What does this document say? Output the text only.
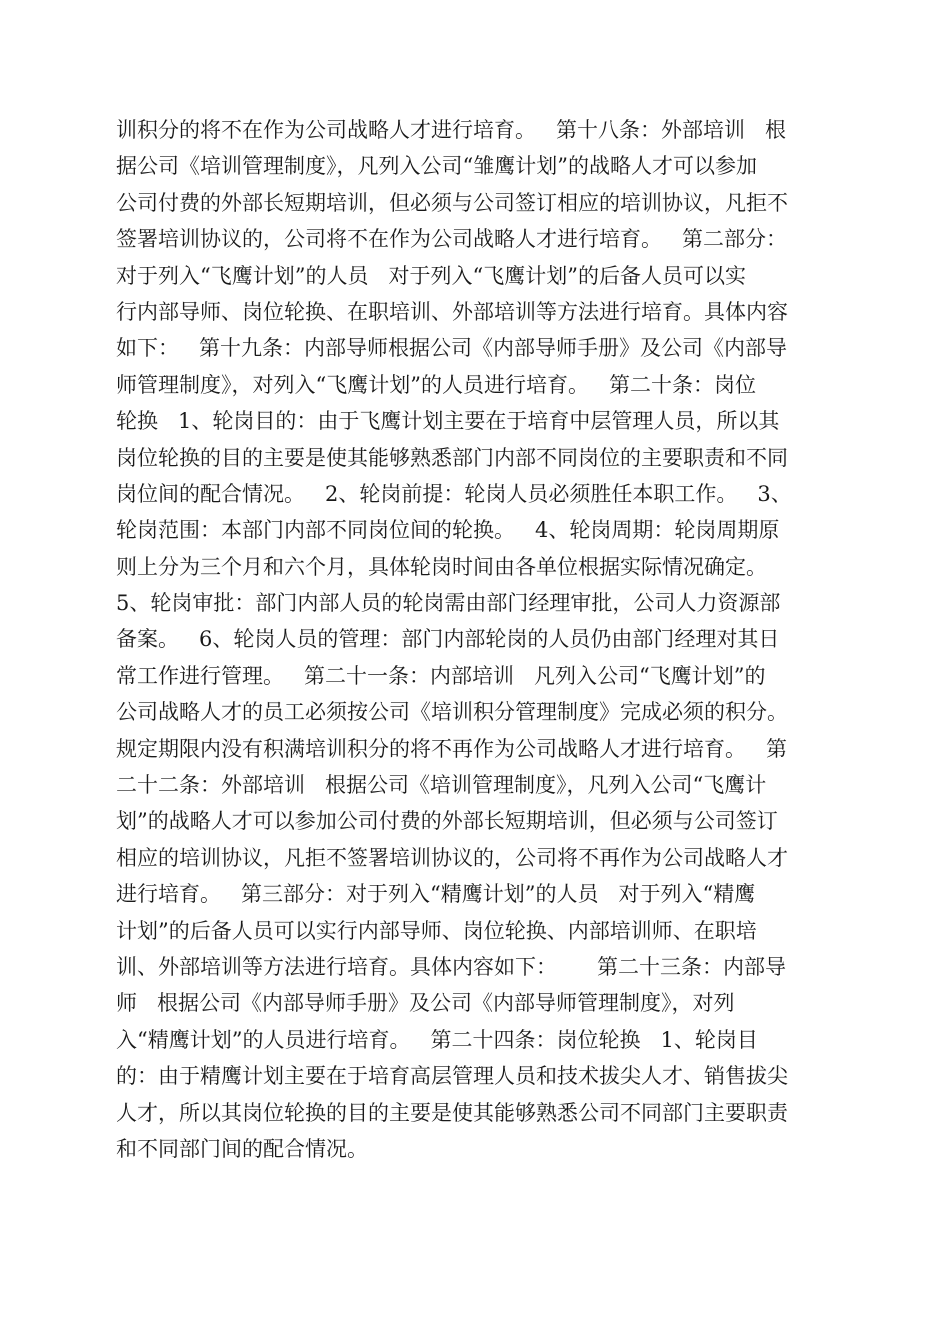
训积分的将不在作为公司战略人才进行培育。   第十八条：外部培训   根
据公司《培训管理制度》，凡列入公司“雏鹰计划”的战略人才可以参加
公司付费的外部长短期培训，但必须与公司签订相应的培训协议，凡拒不
签署培训协议的，公司将不在作为公司战略人才进行培育。   第二部分：
对于列入“飞鹰计划”的人员   对于列入“飞鹰计划”的后备人员可以实
行内部导师、岗位轮换、在职培训、外部培训等方法进行培育。具体内容
如下：   第十九条：内部导师根据公司《内部导师手册》及公司《内部导
师管理制度》，对列入“飞鹰计划”的人员进行培育。   第二十条：岗位
轮换   1、轮岗目的：由于飞鹰计划主要在于培育中层管理人员，所以其
岗位轮换的目的主要是使其能够熟悉部门内部不同岗位的主要职责和不同
岗位间的配合情况。   2、轮岗前提：轮岗人员必须胜任本职工作。   3、
轮岗范围：本部门内部不同岗位间的轮换。   4、轮岗周期：轮岗周期原
则上分为三个月和六个月，具体轮岗时间由各单位根据实际情况确定。
5、轮岗审批：部门内部人员的轮岗需由部门经理审批，公司人力资源部
备案。   6、轮岗人员的管理：部门内部轮岗的人员仍由部门经理对其日
常工作进行管理。   第二十一条：内部培训   凡列入公司“飞鹰计划”的
公司战略人才的员工必须按公司《培训积分管理制度》完成必须的积分。
规定期限内没有积满培训积分的将不再作为公司战略人才进行培育。   第
二十二条：外部培训   根据公司《培训管理制度》，凡列入公司“飞鹰计
划”的战略人才可以参加公司付费的外部长短期培训，但必须与公司签订
相应的培训协议，凡拒不签署培训协议的，公司将不再作为公司战略人才
进行培育。   第三部分：对于列入“精鹰计划”的人员   对于列入“精鹰
计划”的后备人员可以实行内部导师、岗位轮换、内部培训师、在职培
训、外部培训等方法进行培育。具体内容如下：      第二十三条：内部导
师   根据公司《内部导师手册》及公司《内部导师管理制度》，对列
入“精鹰计划”的人员进行培育。   第二十四条：岗位轮换   1、轮岗目
的：由于精鹰计划主要在于培育高层管理人员和技术拔尖人才、销售拔尖
人才，所以其岗位轮换的目的主要是使其能够熟悉公司不同部门主要职责
和不同部门间的配合情况。
